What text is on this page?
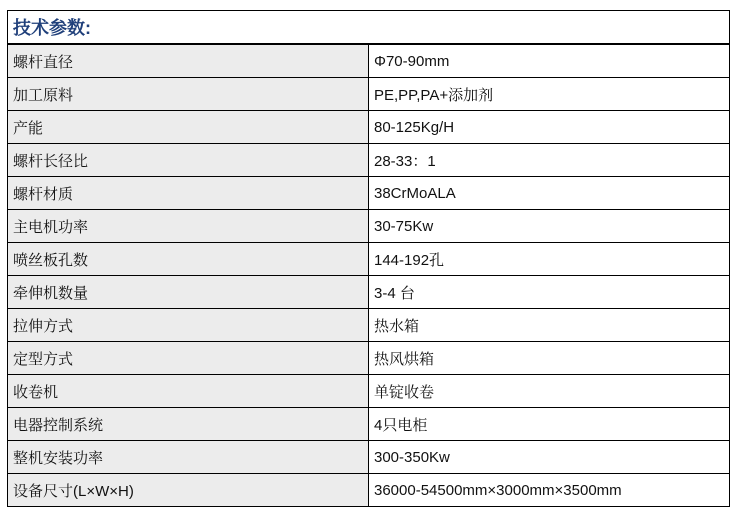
技术参数:	
螺杆直径	Φ70-90mm
加工原料	PE,PP,PA+添加剂
产能	80-125Kg/H
螺杆长径比	28-33：1
螺杆材质	38CrMoALA
主电机功率	30-75Kw
喷丝板孔数	144-192孔
牵伸机数量	3-4 台
拉伸方式	热水箱
定型方式	热风烘箱
收卷机	单锭收卷
电器控制系统	4只电柜
整机安装功率	300-350Kw
设备尺寸(L×W×H)	36000-54500mm×3000mm×3500mm
